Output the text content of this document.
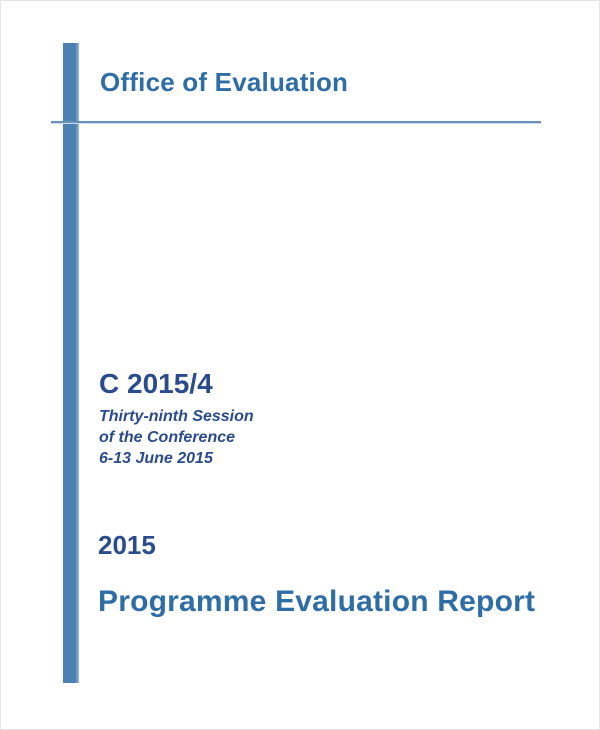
Office of Evaluation
C 2015/4
Thirty-ninth Session
of the Conference
6-13 June 2015
2015
Programme Evaluation Report
